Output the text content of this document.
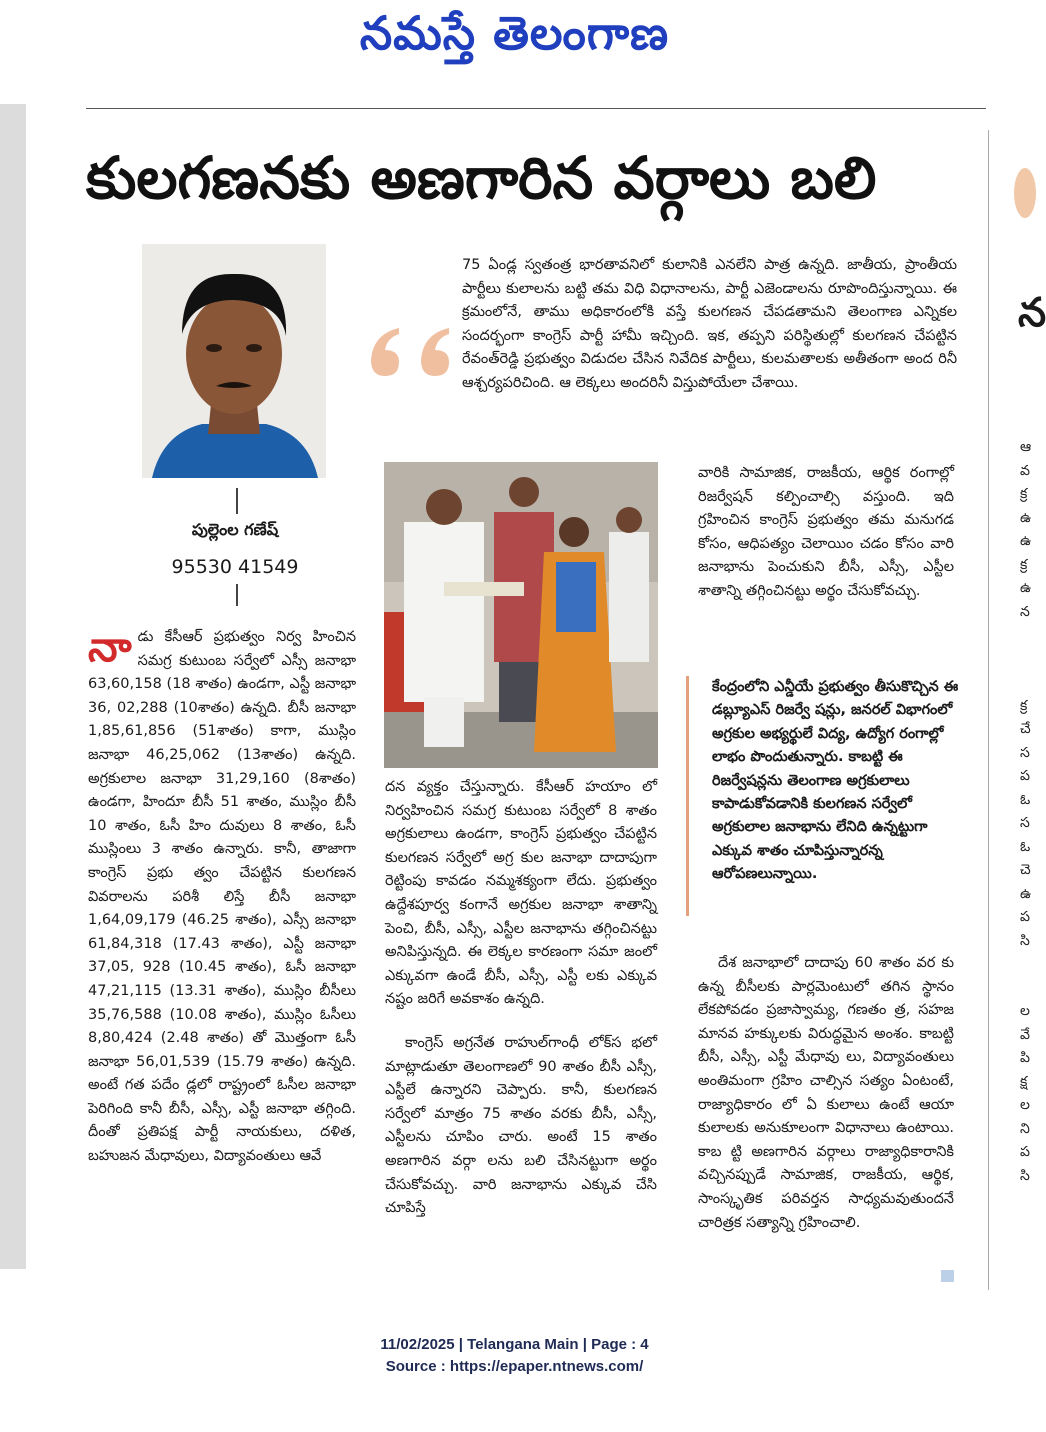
నమస్తే తెలంగాణ
కులగణనకు అణగారిన వర్గాలు బలి
పుల్లెంల గణేష్
95530 41549
75 ఏండ్ల స్వతంత్ర భారతావనిలో కులానికి ఎనలేని పాత్ర ఉన్నది. జాతీయ, ప్రాంతీయ పార్టీలు కులాలను బట్టి తమ విధి విధానాలను, పార్టీ ఎజెండాలను రూపొందిస్తున్నాయి. ఈ క్రమంలోనే, తాము అధికారంలోకి వస్తే కులగణన చేపడతామని తెలంగాణ ఎన్నికల సందర్భంగా కాంగ్రెస్ పార్టీ హామీ ఇచ్చింది. ఇక, తప్పని పరిస్థితుల్లో కులగణన చేపట్టిన రేవంత్‌రెడ్డి ప్రభుత్వం విడుదల చేసిన నివేదిక పార్టీలు, కులమతాలకు అతీతంగా అంద రినీ ఆశ్చర్యపరిచింది. ఆ లెక్కలు అందరినీ విస్తుపోయేలా చేశాయి.
నాడు కేసీఆర్ ప్రభుత్వం నిర్వ హించిన సమగ్ర కుటుంబ సర్వేలో ఎస్సీ జనాభా 63,60,158 (18 శాతం) ఉండగా, ఎస్టీ జనాభా 36, 02,288 (10శాతం) ఉన్నది. బీసీ జనాభా 1,85,61,856 (51శాతం) కాగా, ముస్లిం జనాభా 46,25,062 (13శాతం) ఉన్నది. అగ్రకులాల జనాభా 31,29,160 (8శాతం) ఉండగా, హిందూ బీసీ 51 శాతం, ముస్లిం బీసీ 10 శాతం, ఓసీ హిం దువులు 8 శాతం, ఓసీ ముస్లింలు 3 శాతం ఉన్నారు. కానీ, తాజాగా కాంగ్రెస్ ప్రభు త్వం చేపట్టిన కులగణన వివరాలను పరిశీ లిస్తే బీసీ జనాభా 1,64,09,179 (46.25 శాతం), ఎస్సీ జనాభా 61,84,318 (17.43 శాతం), ఎస్టీ జనాభా 37,05, 928 (10.45 శాతం), ఓసీ జనాభా 47,21,115 (13.31 శాతం), ముస్లిం బీసీలు 35,76,588 (10.08 శాతం), ముస్లిం ఓసీలు 8,80,424 (2.48 శాతం) తో మొత్తంగా ఓసీ జనాభా 56,01,539 (15.79 శాతం) ఉన్నది. అంటే గత పదేం డ్లలో రాష్ట్రంలో ఓసీల జనాభా పెరిగింది కానీ బీసీ, ఎస్సీ, ఎస్టీ జనాభా తగ్గింది. దీంతో ప్రతిపక్ష పార్టీ నాయకులు, దళిత, బహుజన మేధావులు, విద్యావంతులు ఆవే
దన వ్యక్తం చేస్తున్నారు. కేసీఆర్ హయాం లో నిర్వహించిన సమగ్ర కుటుంబ సర్వేలో 8 శాతం అగ్రకులాలు ఉండగా, కాంగ్రెస్ ప్రభుత్వం చేపట్టిన కులగణన సర్వేలో అగ్ర కుల జనాభా దాదాపుగా రెట్టింపు కావడం నమ్మశక్యంగా లేదు. ప్రభుత్వం ఉద్దేశపూర్వ కంగానే అగ్రకుల జనాభా శాతాన్ని పెంచి, బీసీ, ఎస్సీ, ఎస్టీల జనాభాను తగ్గించినట్టు అనిపిస్తున్నది. ఈ లెక్కల కారణంగా సమా జంలో ఎక్కువగా ఉండే బీసీ, ఎస్సీ, ఎస్టీ లకు ఎక్కువ నష్టం జరిగే అవకాశం ఉన్నది.
కాంగ్రెస్ అగ్రనేత రాహుల్‌గాంధీ లోక్‌స భలో మాట్లాడుతూ తెలంగాణలో 90 శాతం బీసీ ఎస్సీ, ఎస్టీలే ఉన్నారని చెప్పారు. కానీ, కులగణన సర్వేలో మాత్రం 75 శాతం వరకు బీసీ, ఎస్సీ, ఎస్టీలను చూపిం చారు. అంటే 15 శాతం అణగారిన వర్గా లను బలి చేసినట్టుగా అర్థం చేసుకోవచ్చు. వారి జనాభాను ఎక్కువ చేసి చూపిస్తే
వారికి సామాజిక, రాజకీయ, ఆర్థిక రంగాల్లో రిజర్వేషన్ కల్పించాల్సి వస్తుంది. ఇది గ్రహించిన కాంగ్రెస్ ప్రభుత్వం తమ మనుగడ కోసం, ఆధిపత్యం చెలాయిం చడం కోసం వారి జనాభాను పెంచుకుని బీసీ, ఎస్సీ, ఎస్టీల శాతాన్ని తగ్గించినట్టు అర్థం చేసుకోవచ్చు.
కేంద్రంలోని ఎన్డీయే ప్రభుత్వం తీసుకొచ్చిన ఈ డబ్ల్యూఎస్ రిజర్వే షన్లు, జనరల్ విభాగంలో అగ్రకుల అభ్యర్థులే విద్య, ఉద్యోగ రంగాల్లో లాభం పొందుతున్నారు. కాబట్టి ఈ రిజర్వేషన్లను తెలంగాణ అగ్రకులాలు కాపాడుకోవడానికి కులగణన సర్వేలో అగ్రకులాల జనాభాను లేనిది ఉన్నట్టుగా ఎక్కువ శాతం చూపిస్తున్నారన్న ఆరోపణలున్నాయి.
దేశ జనాభాలో దాదాపు 60 శాతం వర కు ఉన్న బీసీలకు పార్లమెంటులో తగిన స్థానం లేకపోవడం ప్రజాస్వామ్య, గణతం త్ర, సహజ మానవ హక్కులకు విరుద్ధమైన అంశం. కాబట్టి బీసీ, ఎస్సీ, ఎస్టీ మేధావు లు, విద్యావంతులు అంతిమంగా గ్రహిం చాల్సిన సత్యం ఏంటంటే, రాజ్యాధికారం లో ఏ కులాలు ఉంటే ఆయా కులాలకు అనుకూలంగా విధానాలు ఉంటాయి. కాబ ట్టి అణగారిన వర్గాలు రాజ్యాధికారానికి వచ్చినప్పుడే సామాజిక, రాజకీయ, ఆర్థిక, సాంస్కృతిక పరివర్తన సాధ్యమవుతుందనే చారిత్రక సత్యాన్ని గ్రహించాలి.
న
ఆ
వ
క్ర
ఉ
ఉ
క్ర
ఉ
న
క్ర
చే
స
ప
ఓ
స
ఓ
చె
ఉ
ప
సి
ల
వే
పి
క్ష
ల
ని
ప
సి
11/02/2025 | Telangana Main | Page : 4
Source : https://epaper.ntnews.com/
